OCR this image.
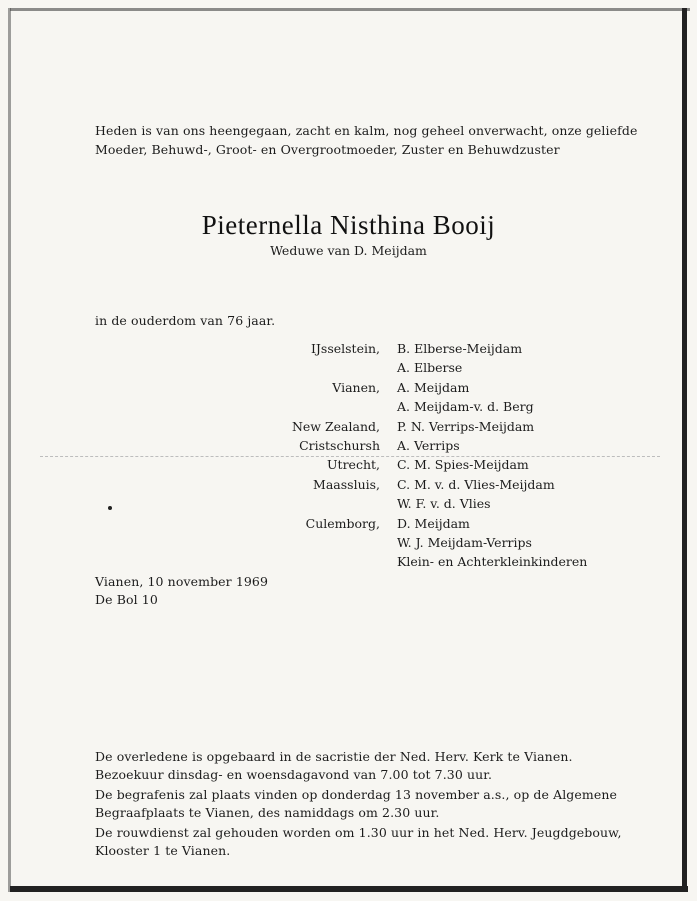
Heden is van ons heengegaan, zacht en kalm, nog geheel onverwacht, onze geliefde
Moeder, Behuwd-, Groot- en Overgrootmoeder, Zuster en Behuwdzuster
Pieternella Nisthina Booij
Weduwe van D. Meijdam
in de ouderdom van 76 jaar.
IJsselstein,	B. Elberse-Meijdam
	A. Elberse
Vianen,	A. Meijdam
	A. Meijdam-v. d. Berg
New Zealand,	P. N. Verrips-Meijdam
Cristschursh	A. Verrips
Utrecht,	C. M. Spies-Meijdam
Maassluis,	C. M. v. d. Vlies-Meijdam
	W. F. v. d. Vlies
Culemborg,	D. Meijdam
	W. J. Meijdam-Verrips
	Klein- en Achterkleinkinderen
Vianen, 10 november 1969
De Bol 10
De overledene is opgebaard in de sacristie der Ned. Herv. Kerk te Vianen.
Bezoekuur dinsdag- en woensdagavond van 7.00 tot 7.30 uur.
De begrafenis zal plaats vinden op donderdag 13 november a.s., op de Algemene
Begraafplaats te Vianen, des namiddags om 2.30 uur.
De rouwdienst zal gehouden worden om 1.30 uur in het Ned. Herv. Jeugdgebouw,
Klooster 1 te Vianen.
